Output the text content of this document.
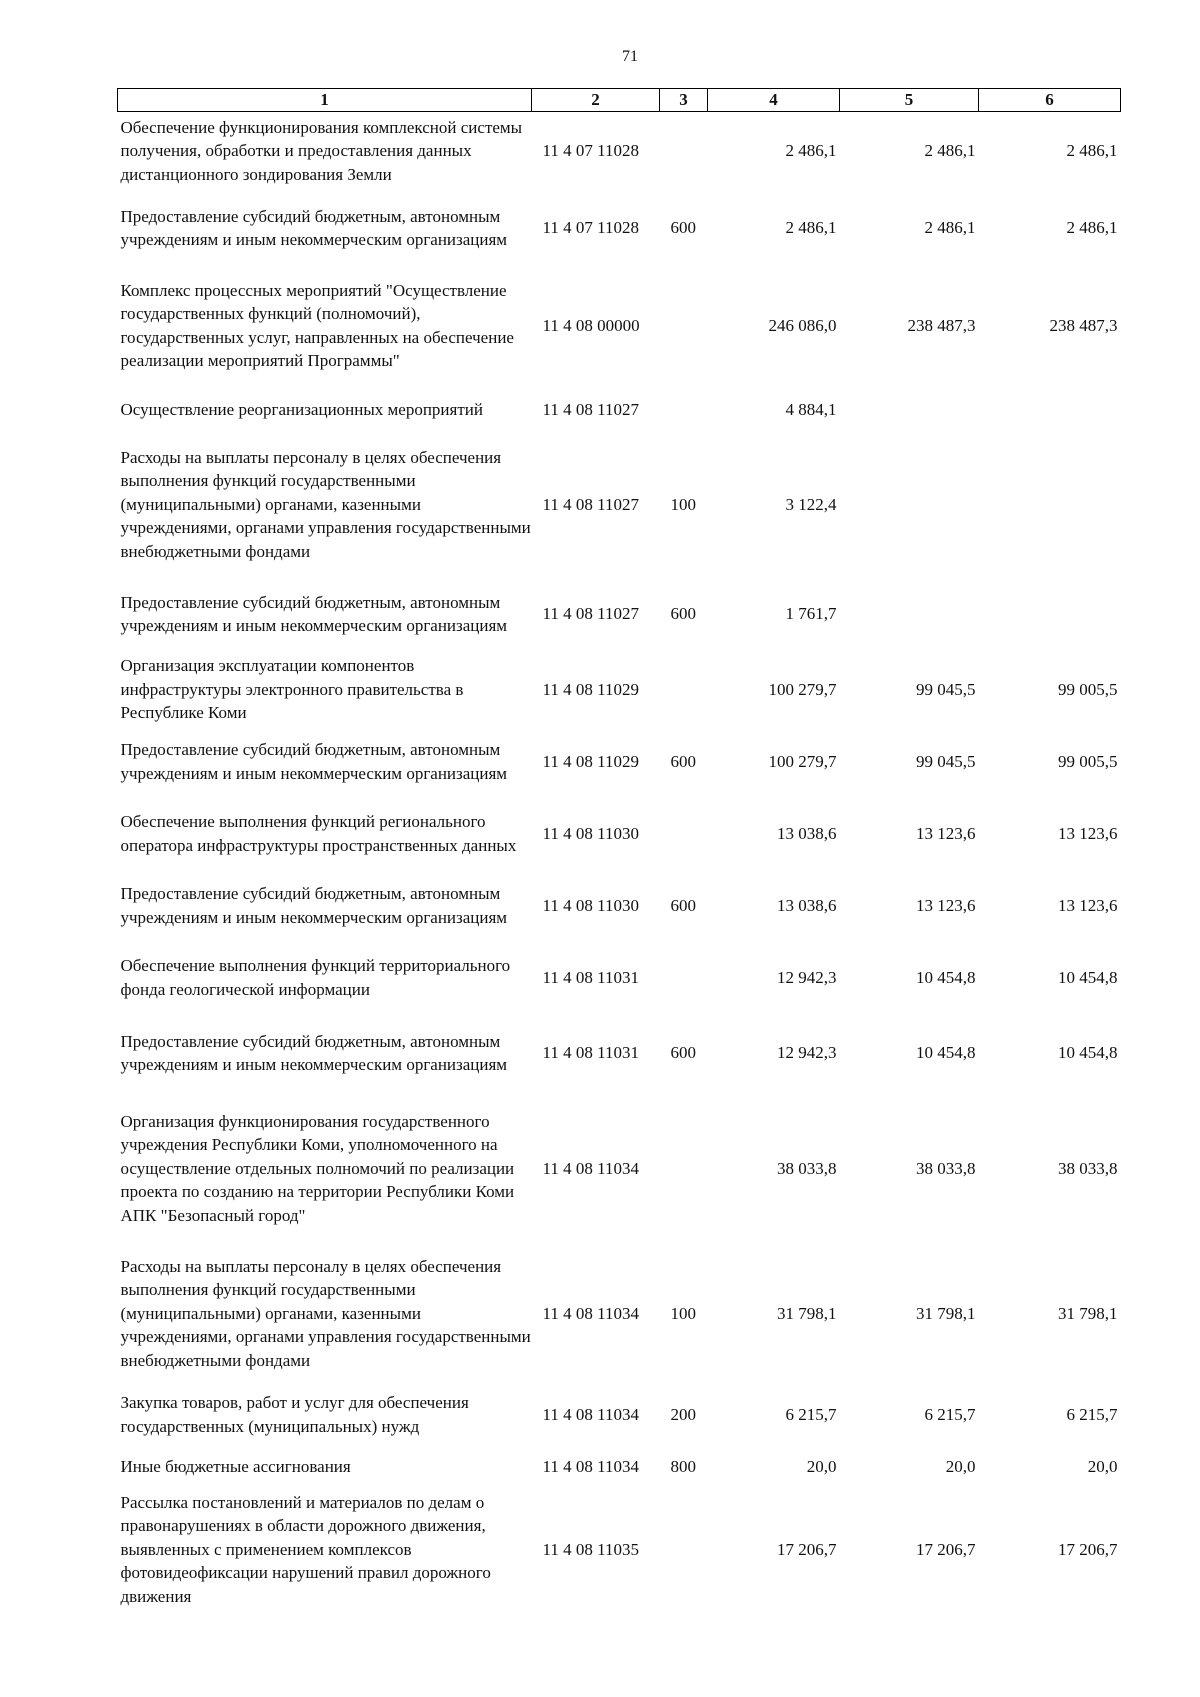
71
1	2	3	4	5	6
Обеспечение функционирования комплексной системы получения, обработки и предоставления данных дистанционного зондирования Земли	11 4 07 11028		2 486,1	2 486,1	2 486,1
Предоставление субсидий бюджетным, автономным учреждениям и иным некоммерческим организациям	11 4 07 11028	600	2 486,1	2 486,1	2 486,1
Комплекс процессных мероприятий "Осуществление государственных функций (полномочий), государственных услуг, направленных на обеспечение реализации мероприятий Программы"	11 4 08 00000		246 086,0	238 487,3	238 487,3
Осуществление реорганизационных мероприятий	11 4 08 11027		4 884,1		
Расходы на выплаты персоналу в целях обеспечения выполнения функций государственными (муниципальными) органами, казенными учреждениями, органами управления государственными внебюджетными фондами	11 4 08 11027	100	3 122,4		
Предоставление субсидий бюджетным, автономным учреждениям и иным некоммерческим организациям	11 4 08 11027	600	1 761,7		
Организация эксплуатации компонентов инфраструктуры электронного правительства в Республике Коми	11 4 08 11029		100 279,7	99 045,5	99 005,5
Предоставление субсидий бюджетным, автономным учреждениям и иным некоммерческим организациям	11 4 08 11029	600	100 279,7	99 045,5	99 005,5
Обеспечение выполнения функций регионального оператора инфраструктуры пространственных данных	11 4 08 11030		13 038,6	13 123,6	13 123,6
Предоставление субсидий бюджетным, автономным учреждениям и иным некоммерческим организациям	11 4 08 11030	600	13 038,6	13 123,6	13 123,6
Обеспечение выполнения функций территориального фонда геологической информации	11 4 08 11031		12 942,3	10 454,8	10 454,8
Предоставление субсидий бюджетным, автономным учреждениям и иным некоммерческим организациям	11 4 08 11031	600	12 942,3	10 454,8	10 454,8
Организация функционирования государственного учреждения Республики Коми, уполномоченного на осуществление отдельных полномочий по реализации проекта по созданию на территории Республики Коми АПК "Безопасный город"	11 4 08 11034		38 033,8	38 033,8	38 033,8
Расходы на выплаты персоналу в целях обеспечения выполнения функций государственными (муниципальными) органами, казенными учреждениями, органами управления государственными внебюджетными фондами	11 4 08 11034	100	31 798,1	31 798,1	31 798,1
Закупка товаров, работ и услуг для обеспечения государственных (муниципальных) нужд	11 4 08 11034	200	6 215,7	6 215,7	6 215,7
Иные бюджетные ассигнования	11 4 08 11034	800	20,0	20,0	20,0
Рассылка постановлений и материалов по делам о правонарушениях в области дорожного движения, выявленных с применением комплексов фотовидеофиксации нарушений правил дорожного движения	11 4 08 11035		17 206,7	17 206,7	17 206,7
